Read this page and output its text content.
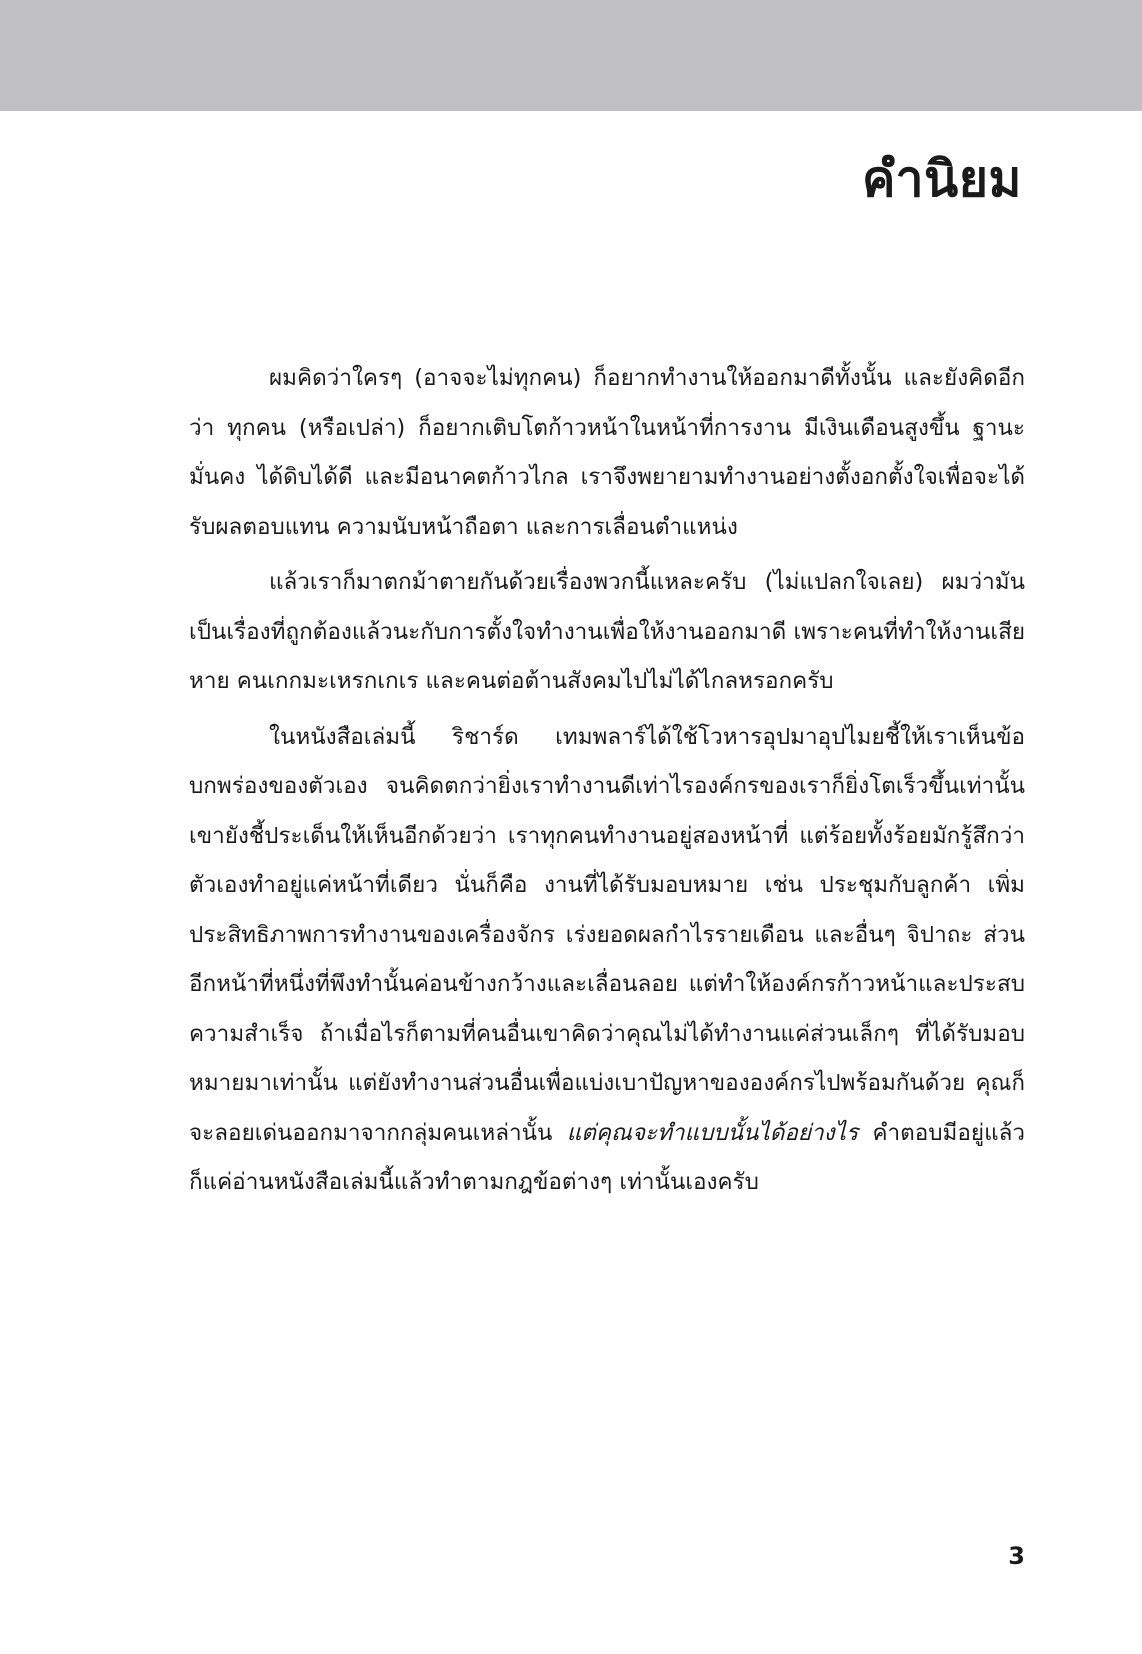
คำนิยม

ผมคิดว่าใครๆ (อาจจะไม่ทุกคน) ก็อยากทำงานให้ออกมาดีทั้งนั้น และยังคิดอีกว่า ทุกคน (หรือเปล่า) ก็อยากเติบโตก้าวหน้าในหน้าที่การงาน มีเงินเดือนสูงขึ้น ฐานะมั่นคง ได้ดิบได้ดี และมีอนาคตก้าวไกล เราจึงพยายามทำงานอย่างตั้งอกตั้งใจเพื่อจะได้รับผลตอบแทน ความนับหน้าถือตา และการเลื่อนตำแหน่ง

แล้วเราก็มาตกม้าตายกันด้วยเรื่องพวกนี้แหละครับ (ไม่แปลกใจเลย) ผมว่ามันเป็นเรื่องที่ถูกต้องแล้วนะกับการตั้งใจทำงานเพื่อให้งานออกมาดี เพราะคนที่ทำให้งานเสียหาย คนเกกมะเหรกเกเร และคนต่อต้านสังคมไปไม่ได้ไกลหรอกครับ

ในหนังสือเล่มนี้ ริชาร์ด เทมพลาร์ได้ใช้โวหารอุปมาอุปไมยชี้ให้เราเห็นข้อบกพร่องของตัวเอง จนคิดตกว่ายิ่งเราทำงานดีเท่าไรองค์กรของเราก็ยิ่งโตเร็วขึ้นเท่านั้น เขายังชี้ประเด็นให้เห็นอีกด้วยว่า เราทุกคนทำงานอยู่สองหน้าที่ แต่ร้อยทั้งร้อยมักรู้สึกว่าตัวเองทำอยู่แค่หน้าที่เดียว นั่นก็คือ งานที่ได้รับมอบหมาย เช่น ประชุมกับลูกค้า เพิ่มประสิทธิภาพการทำงานของเครื่องจักร เร่งยอดผลกำไรรายเดือน และอื่นๆ จิปาถะ ส่วนอีกหน้าที่หนึ่งที่พึงทำนั้นค่อนข้างกว้างและเลื่อนลอย แต่ทำให้องค์กรก้าวหน้าและประสบความสำเร็จ ถ้าเมื่อไรก็ตามที่คนอื่นเขาคิดว่าคุณไม่ได้ทำงานแค่ส่วนเล็กๆ ที่ได้รับมอบหมายมาเท่านั้น แต่ยังทำงานส่วนอื่นเพื่อแบ่งเบาปัญหาขององค์กรไปพร้อมกันด้วย คุณก็จะลอยเด่นออกมาจากกลุ่มคนเหล่านั้น แต่คุณจะทำแบบนั้นได้อย่างไร คำตอบมีอยู่แล้ว ก็แค่อ่านหนังสือเล่มนี้แล้วทำตามกฎข้อต่างๆ เท่านั้นเองครับ

3
